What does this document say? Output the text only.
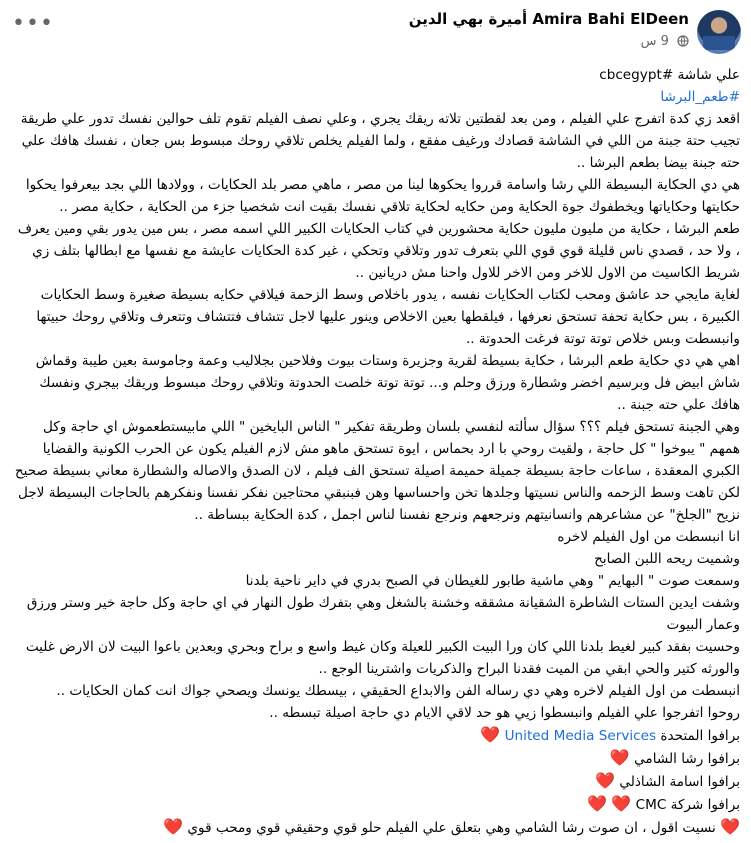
•••	Amira Bahi ElDeen أميرة بهي الدين
9 س

علي شاشة #cbcegypt

#طعم_البرشا

اقعد زي كدة اتفرج علي الفيلم ، ومن بعد لقطتين تلاته ريقك يجري ، وعلي نصف الفيلم تقوم تلف حوالين نفسك تدور علي طريقة تجيب حتة جبنة من اللي في الشاشة قصادك ورغيف مفقع ، ولما الفيلم يخلص تلاقي روحك مبسوط بس جعان ، نفسك هافك علي حته جبنة بيضا بطعم البرشا ..

هي دي الحكاية البسيطة اللي رشا واسامة قرروا يحكوها لينا من مصر ، ماهي مصر بلد الحكايات ، وولادها اللي بجد بيعرفوا يحكوا حكايتها وحكاياتها ويخطفوك جوة الحكاية ومن حكايه لحكاية تلاقي نفسك بقيت انت شخصيا جزء من الحكاية ، حكاية مصر ..

طعم البرشا ، حكاية من مليون مليون حكاية محشورين في كتاب الحكايات الكبير اللي اسمه مصر ، بس مين يدور بقي ومين يعرف ، ولا حد ، قصدي ناس قليلة قوي قوي اللي بتعرف تدور وتلاقي وتحكي ، غير كدة الحكايات عايشة مع نفسها مع ابطالها بتلف زي شريط الكاسيت من الاول للاخر ومن الاخر للاول واحنا مش دريانين ..

لغاية مايجي حد عاشق ومحب لكتاب الحكايات نفسه ، يدور باخلاص وسط الزحمة فيلاقي حكايه بسيطة صغيرة وسط الحكايات الكبيرة ، بس حكاية تحفة تستحق نعرفها ، فيلقطها بعين الاخلاص وينور عليها لاجل تتشاف فتتشاف وتتعرف وتلاقي روحك حبيتها وانبسطت وبس خلاص توتة توتة فرغت الحدوتة ..

اهي هي دي حكاية طعم البرشا ، حكاية بسيطة لقرية وجزيرة وستات بيوت وفلاحين بجلاليب وعمة وجاموسة بعين طيبة وقماش شاش ابيض فل وبرسيم اخضر وشطارة ورزق وحلم و... توتة توتة خلصت الحدوتة وتلاقي روحك مبسوط وريقك بيجري ونفسك هافك علي حته جبنة ..

وهي الجبنة تستحق فيلم ؟؟؟ سؤال سألته لنفسي بلسان وطريقة تفكير " الناس البايخين " اللي مابيستطعموش اي حاجة وكل همهم " يبوخوا " كل حاجة ، ولقيت روحي با ارد بحماس ، ايوة تستحق ماهو مش لازم الفيلم يكون عن الحرب الكونية والقضايا الكبري المعقدة ، ساعات حاجة بسيطة جميلة حميمة اصيلة تستحق الف فيلم ، لان الصدق والاصاله والشطارة معاني بسيطة صحيح لكن تاهت وسط الزحمه والناس نسيتها وجلدها تخن واحساسها وهن فبنبقي محتاجين نفكر نفسنا ونفكرهم بالحاجات البسيطة لاجل نزيح "الجلخ" عن مشاعرهم وانسانيتهم ونرجعهم ونرجع نفسنا لناس اجمل ، كدة الحكاية ببساطة ..

انا انبسطت من اول الفيلم لاخره

وشميت ريحه اللبن الصابح

وسمعت صوت " البهايم " وهي ماشية طابور للغيطان في الصبح بدري في داير ناحية بلدنا

وشفت ايدين الستات الشاطرة الشقيانة مشققه وخشنة بالشغل وهي بتفرك طول النهار في اي حاجة وكل حاجة خير وستر ورزق وعمار البيوت

وحسيت بفقد كبير لغيط بلدنا اللي كان ورا البيت الكبير للعيلة وكان غيط واسع و براح وبحري وبعدين باعوا البيت لان الارض غليت والورثه كتير والحي ابقي من الميت فقدنا البراح والذكريات واشترينا الوجع ..

انبسطت من اول الفيلم لاخره وهي دي رساله الفن والابداع الحقيقي ، بيسطك يونسك ويصحي جواك انت كمان الحكايات ..

روحوا اتفرجوا علي الفيلم وانبسطوا زيي هو حد لاقي الايام دي حاجة اصيلة تبسطه ..

برافوا المتحدة United Media Services ❤️

برافوا رشا الشامي ❤️

برافوا اسامة الشاذلي ❤️

برافوا شركة CMC ❤️ ❤️

❤️ نسيت اقول ، ان صوت رشا الشامي وهي بتعلق علي الفيلم حلو قوي وحقيقي قوي ومحب قوي ❤️
